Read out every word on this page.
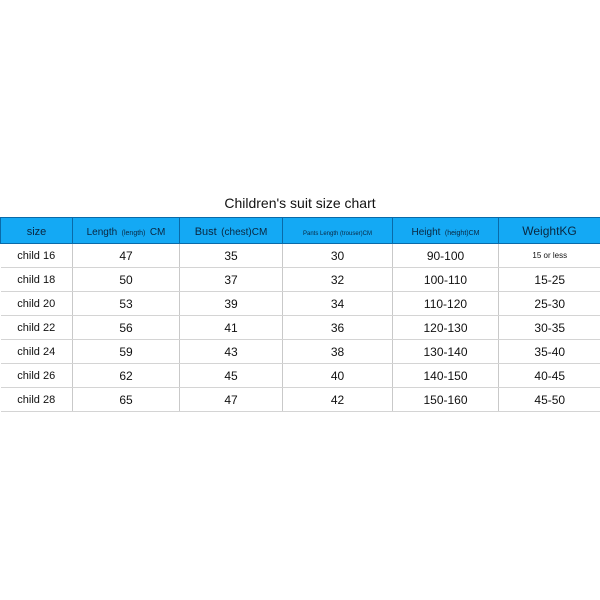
Children's suit size chart
size	Length (length) CM	Bust (chest)CM	Pants Length (trouser)CM	Height (height)CM	WeightKG
child 16	47	35	30	90-100	15 or less
child 18	50	37	32	100-110	15-25
child 20	53	39	34	110-120	25-30
child 22	56	41	36	120-130	30-35
child 24	59	43	38	130-140	35-40
child 26	62	45	40	140-150	40-45
child 28	65	47	42	150-160	45-50
